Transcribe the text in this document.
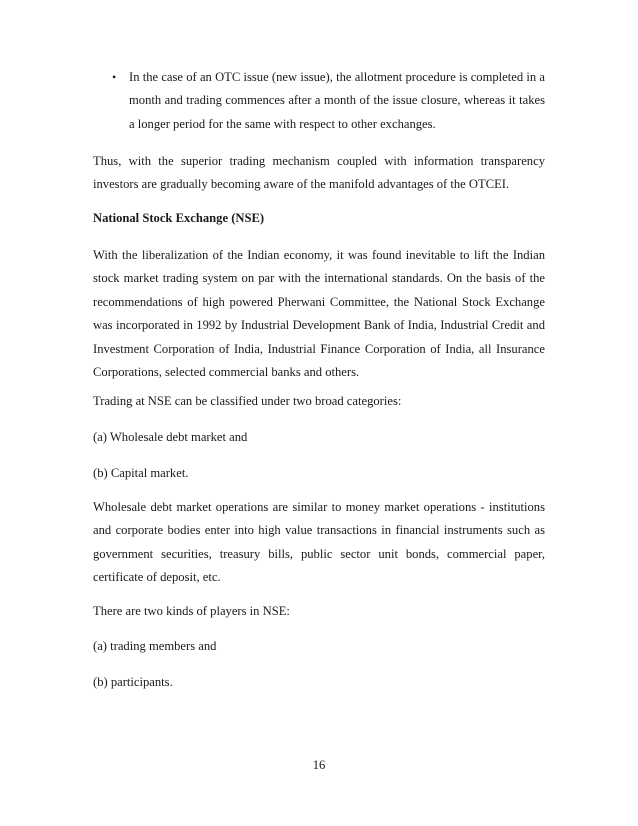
• In the case of an OTC issue (new issue), the allotment procedure is completed in a month and trading commences after a month of the issue closure, whereas it takes a longer period for the same with respect to other exchanges.

Thus, with the superior trading mechanism coupled with information transparency investors are gradually becoming aware of the manifold advantages of the OTCEI.

National Stock Exchange (NSE)

With the liberalization of the Indian economy, it was found inevitable to lift the Indian stock market trading system on par with the international standards. On the basis of the recommendations of high powered Pherwani Committee, the National Stock Exchange was incorporated in 1992 by Industrial Development Bank of India, Industrial Credit and Investment Corporation of India, Industrial Finance Corporation of India, all Insurance Corporations, selected commercial banks and others.

Trading at NSE can be classified under two broad categories:

(a) Wholesale debt market and

(b) Capital market.

Wholesale debt market operations are similar to money market operations - institutions and corporate bodies enter into high value transactions in financial instruments such as government securities, treasury bills, public sector unit bonds, commercial paper, certificate of deposit, etc.

There are two kinds of players in NSE:

(a) trading members and

(b) participants.

16
